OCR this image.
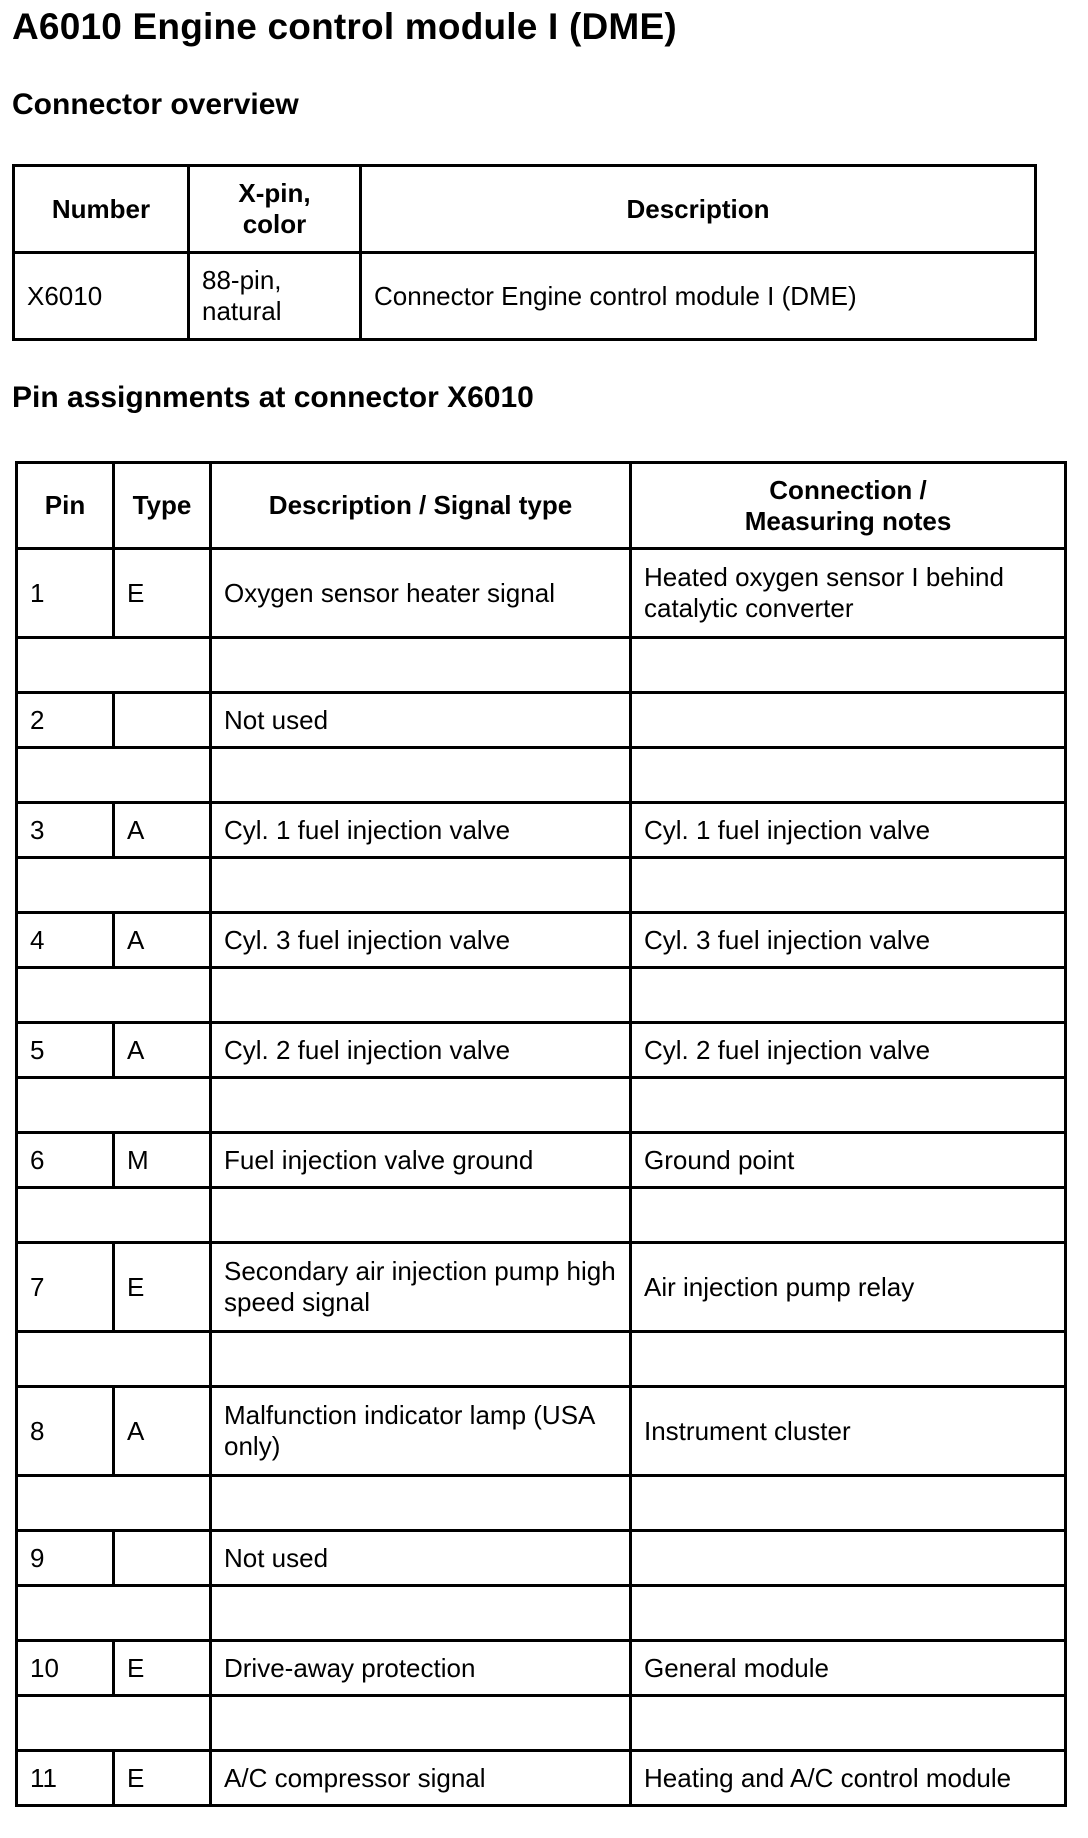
A6010 Engine control module I (DME)
Connector overview
Number	X-pin, color	Description
X6010	88-pin, natural	Connector Engine control module I (DME)
Pin assignments at connector X6010
Pin	Type	Description / Signal type	Connection / Measuring notes
1	E	Oxygen sensor heater signal	Heated oxygen sensor I behind catalytic converter

2		Not used	

3	A	Cyl. 1 fuel injection valve	Cyl. 1 fuel injection valve

4	A	Cyl. 3 fuel injection valve	Cyl. 3 fuel injection valve

5	A	Cyl. 2 fuel injection valve	Cyl. 2 fuel injection valve

6	M	Fuel injection valve ground	Ground point

7	E	Secondary air injection pump high speed signal	Air injection pump relay

8	A	Malfunction indicator lamp (USA only)	Instrument cluster

9		Not used	

10	E	Drive-away protection	General module

11	E	A/C compressor signal	Heating and A/C control module
